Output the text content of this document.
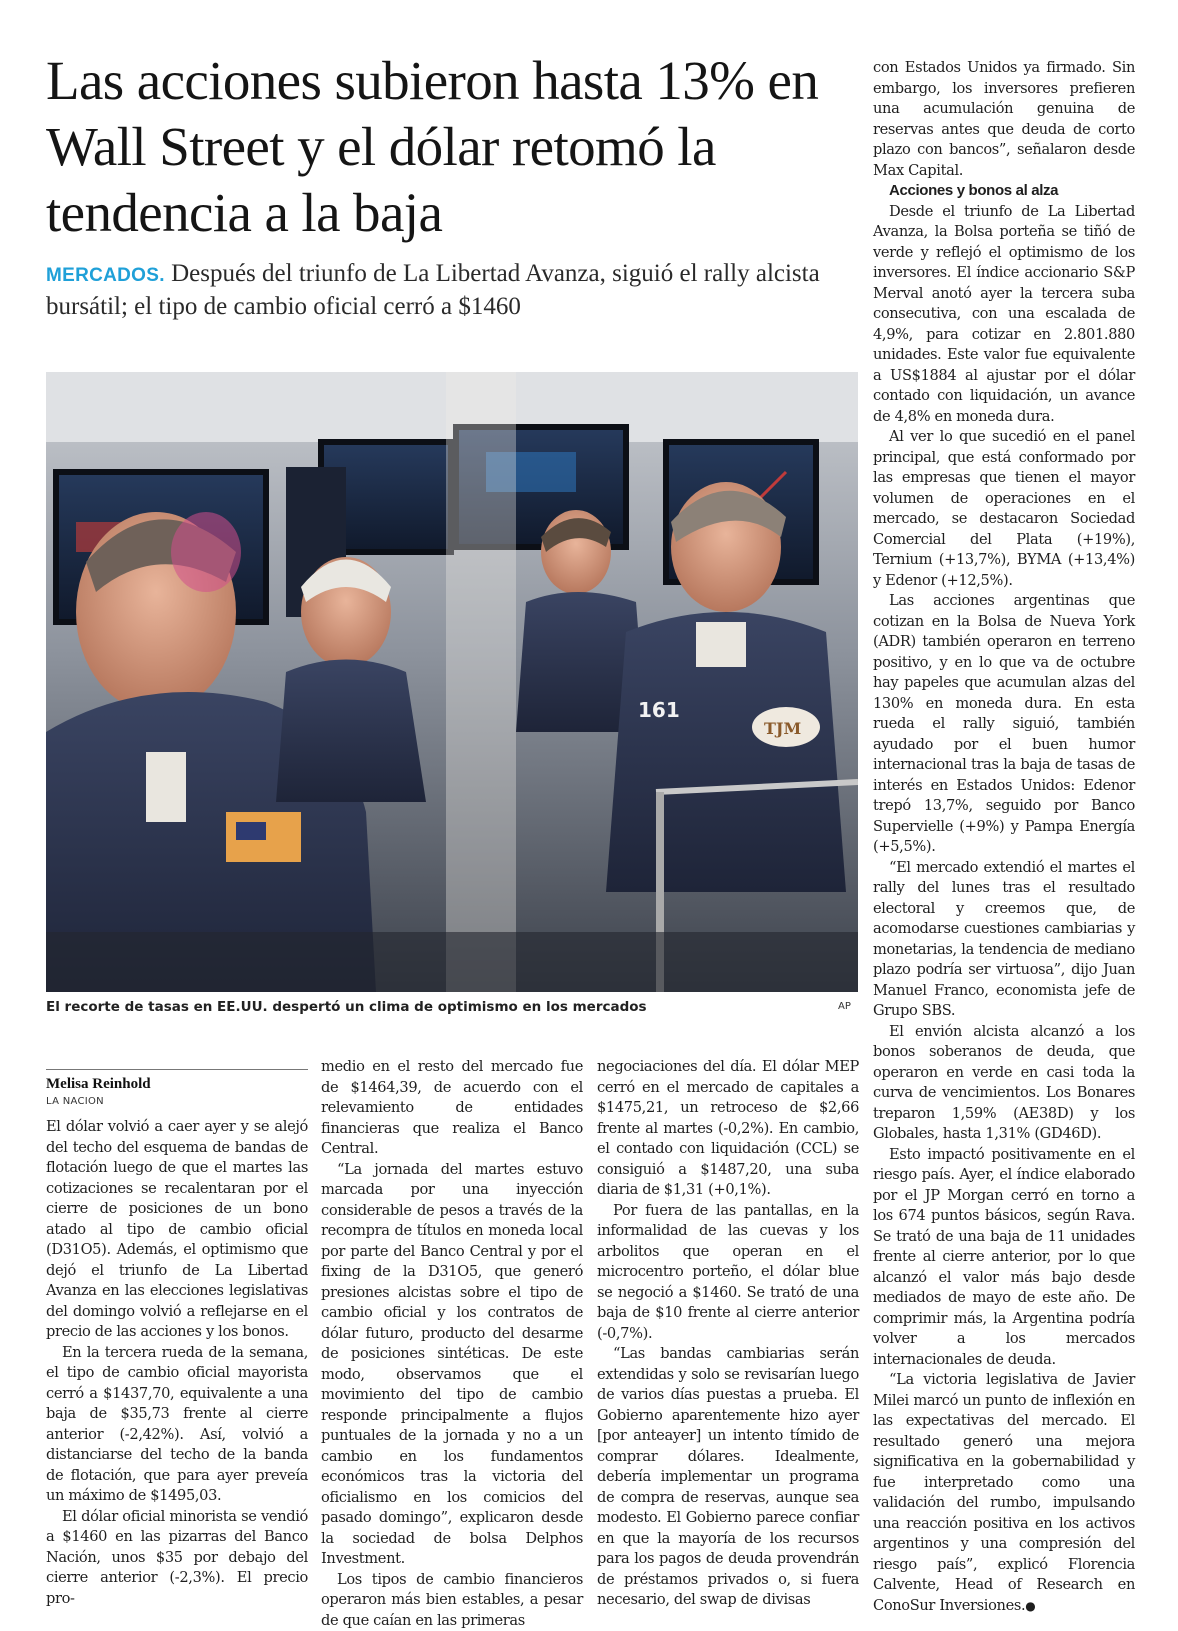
Las acciones subieron hasta 13% en Wall Street y el dólar retomó la tendencia a la baja
MERCADOS. Después del triunfo de La Libertad Avanza, siguió el rally alcista bursátil; el tipo de cambio oficial cerró a $1460
161
TJM
El recorte de tasas en EE.UU. despertó un clima de optimismo en los mercados	AP
Melisa Reinhold
LA NACION

El dólar volvió a caer ayer y se alejó del techo del esquema de bandas de flotación luego de que el martes las cotizaciones se recalentaran por el cierre de posiciones de un bono atado al tipo de cambio oficial (D31O5). Además, el optimismo que dejó el triunfo de La Libertad Avanza en las elecciones legislativas del domingo volvió a reflejarse en el precio de las acciones y los bonos.

En la tercera rueda de la semana, el tipo de cambio oficial mayorista cerró a $1437,70, equivalente a una baja de $35,73 frente al cierre anterior (-2,42%). Así, volvió a distanciarse del techo de la banda de flotación, que para ayer preveía un máximo de $1495,03.

El dólar oficial minorista se vendió a $1460 en las pizarras del Banco Nación, unos $35 por debajo del cierre anterior (-2,3%). El precio pro-

medio en el resto del mercado fue de $1464,39, de acuerdo con el relevamiento de entidades financieras que realiza el Banco Central.

“La jornada del martes estuvo marcada por una inyección considerable de pesos a través de la recompra de títulos en moneda local por parte del Banco Central y por el fixing de la D31O5, que generó presiones alcistas sobre el tipo de cambio oficial y los contratos de dólar futuro, producto del desarme de posiciones sintéticas. De este modo, observamos que el movimiento del tipo de cambio responde principalmente a flujos puntuales de la jornada y no a un cambio en los fundamentos económicos tras la victoria del oficialismo en los comicios del pasado domingo”, explicaron desde la sociedad de bolsa Delphos Investment.

Los tipos de cambio financieros operaron más bien estables, a pesar de que caían en las primeras

negociaciones del día. El dólar MEP cerró en el mercado de capitales a $1475,21, un retroceso de $2,66 frente al martes (-0,2%). En cambio, el contado con liquidación (CCL) se consiguió a $1487,20, una suba diaria de $1,31 (+0,1%).

Por fuera de las pantallas, en la informalidad de las cuevas y los arbolitos que operan en el microcentro porteño, el dólar blue se negoció a $1460. Se trató de una baja de $10 frente al cierre anterior (-0,7%).

“Las bandas cambiarias serán extendidas y solo se revisarían luego de varios días puestas a prueba. El Gobierno aparentemente hizo ayer [por anteayer] un intento tímido de comprar dólares. Idealmente, debería implementar un programa de compra de reservas, aunque sea modesto. El Gobierno parece confiar en que la mayoría de los recursos para los pagos de deuda provendrán de préstamos privados o, si fuera necesario, del swap de divisas

con Estados Unidos ya firmado. Sin embargo, los inversores prefieren una acumulación genuina de reservas antes que deuda de corto plazo con bancos”, señalaron desde Max Capital.

Acciones y bonos al alza

Desde el triunfo de La Libertad Avanza, la Bolsa porteña se tiñó de verde y reflejó el optimismo de los inversores. El índice accionario S&P Merval anotó ayer la tercera suba consecutiva, con una escalada de 4,9%, para cotizar en 2.801.880 unidades. Este valor fue equivalente a US$1884 al ajustar por el dólar contado con liquidación, un avance de 4,8% en moneda dura.

Al ver lo que sucedió en el panel principal, que está conformado por las empresas que tienen el mayor volumen de operaciones en el mercado, se destacaron Sociedad Comercial del Plata (+19%), Ternium (+13,7%), BYMA (+13,4%) y Edenor (+12,5%).

Las acciones argentinas que cotizan en la Bolsa de Nueva York (ADR) también operaron en terreno positivo, y en lo que va de octubre hay papeles que acumulan alzas del 130% en moneda dura. En esta rueda el rally siguió, también ayudado por el buen humor internacional tras la baja de tasas de interés en Estados Unidos: Edenor trepó 13,7%, seguido por Banco Supervielle (+9%) y Pampa Energía (+5,5%).

“El mercado extendió el martes el rally del lunes tras el resultado electoral y creemos que, de acomodarse cuestiones cambiarias y monetarias, la tendencia de mediano plazo podría ser virtuosa”, dijo Juan Manuel Franco, economista jefe de Grupo SBS.

El envión alcista alcanzó a los bonos soberanos de deuda, que operaron en verde en casi toda la curva de vencimientos. Los Bonares treparon 1,59% (AE38D) y los Globales, hasta 1,31% (GD46D).

Esto impactó positivamente en el riesgo país. Ayer, el índice elaborado por el JP Morgan cerró en torno a los 674 puntos básicos, según Rava. Se trató de una baja de 11 unidades frente al cierre anterior, por lo que alcanzó el valor más bajo desde mediados de mayo de este año. De comprimir más, la Argentina podría volver a los mercados internacionales de deuda.

“La victoria legislativa de Javier Milei marcó un punto de inflexión en las expectativas del mercado. El resultado generó una mejora significativa en la gobernabilidad y fue interpretado como una validación del rumbo, impulsando una reacción positiva en los activos argentinos y una compresión del riesgo país”, explicó Florencia Calvente, Head of Research en ConoSur Inversiones.●
